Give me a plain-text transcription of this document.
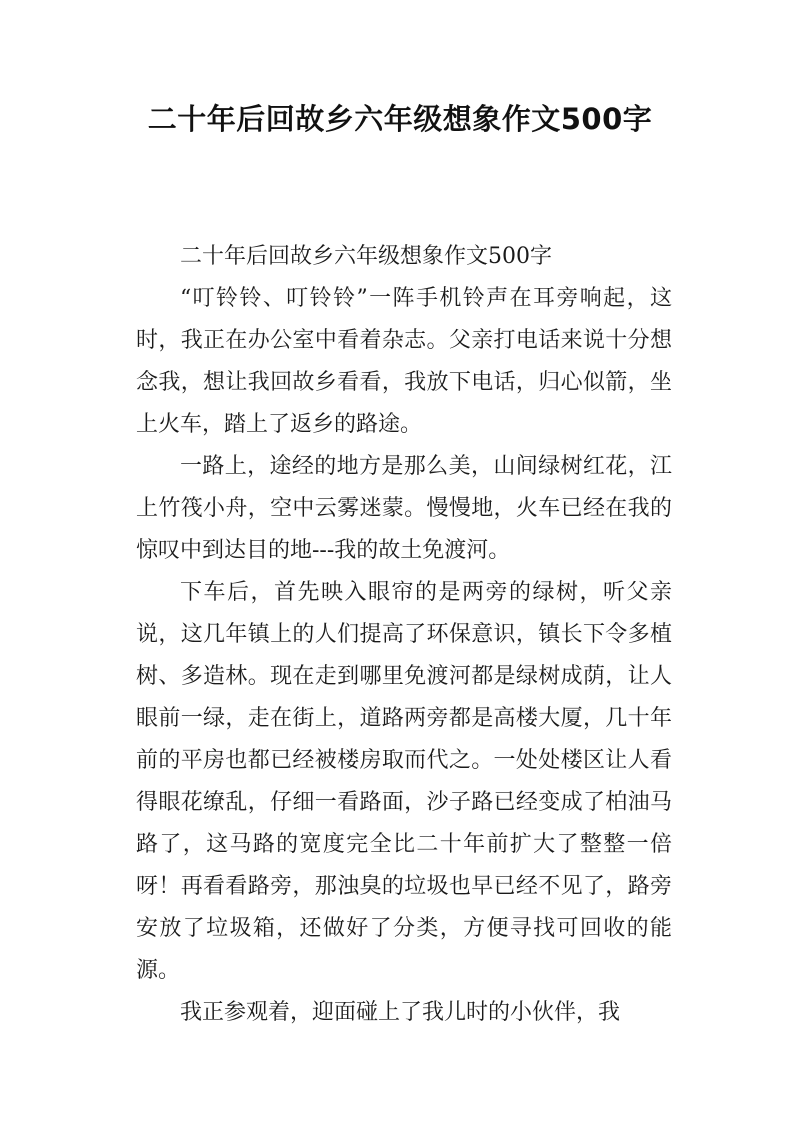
二十年后回故乡六年级想象作文500字

二十年后回故乡六年级想象作文500字

“叮铃铃、叮铃铃”一阵手机铃声在耳旁响起，这时，我正在办公室中看着杂志。父亲打电话来说十分想念我，想让我回故乡看看，我放下电话，归心似箭，坐上火车，踏上了返乡的路途。

一路上，途经的地方是那么美，山间绿树红花，江上竹筏小舟，空中云雾迷蒙。慢慢地，火车已经在我的惊叹中到达目的地---我的故土免渡河。

下车后，首先映入眼帘的是两旁的绿树，听父亲说，这几年镇上的人们提高了环保意识，镇长下令多植树、多造林。现在走到哪里免渡河都是绿树成荫，让人眼前一绿，走在街上，道路两旁都是高楼大厦，几十年前的平房也都已经被楼房取而代之。一处处楼区让人看得眼花缭乱，仔细一看路面，沙子路已经变成了柏油马路了，这马路的宽度完全比二十年前扩大了整整一倍呀！再看看路旁，那浊臭的垃圾也早已经不见了，路旁安放了垃圾箱，还做好了分类，方便寻找可回收的能源。

我正参观着，迎面碰上了我儿时的小伙伴，我
